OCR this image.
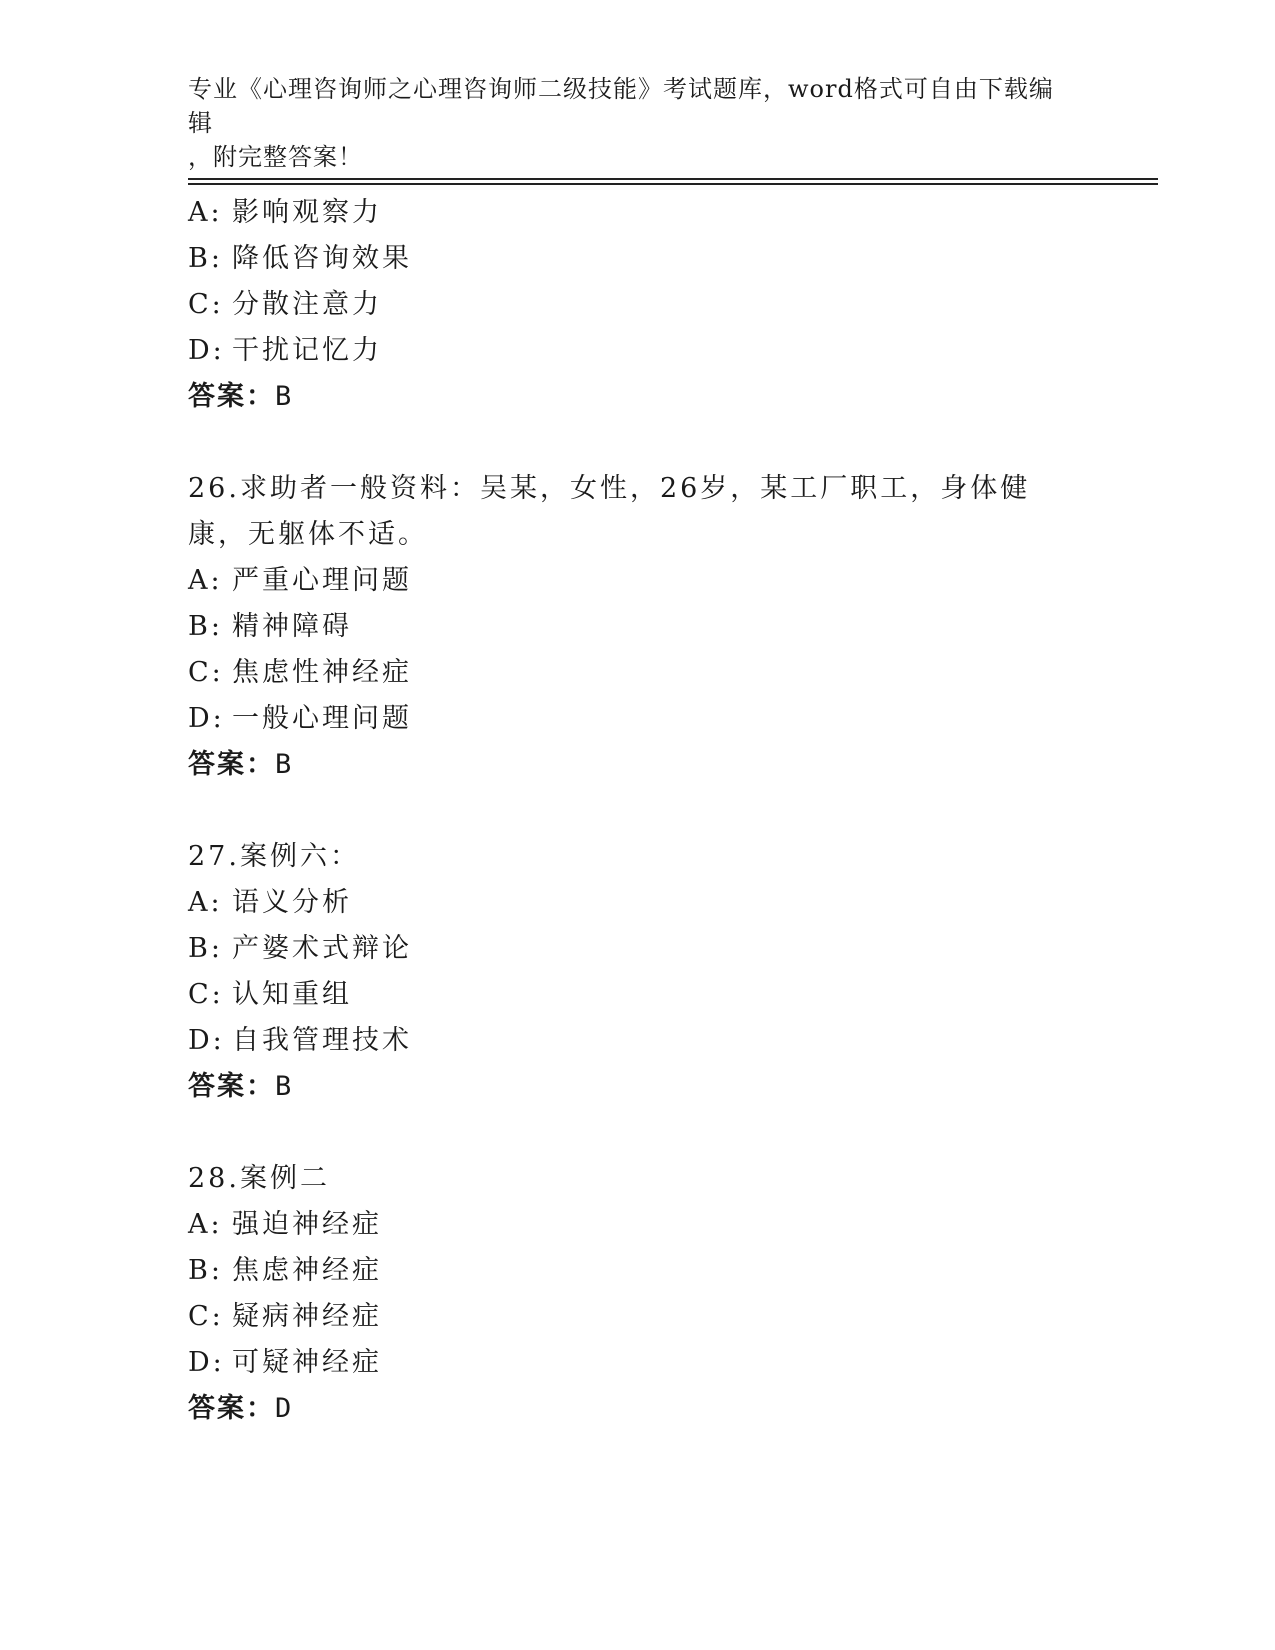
专业《心理咨询师之心理咨询师二级技能》考试题库，word格式可自由下载编辑
，附完整答案！
A: 影响观察力
B: 降低咨询效果
C: 分散注意力
D: 干扰记忆力
答案：B
26.求助者一般资料：吴某，女性，26岁，某工厂职工，身体健康，无躯体不适。
A: 严重心理问题
B: 精神障碍
C: 焦虑性神经症
D: 一般心理问题
答案：B
27.案例六：
A: 语义分析
B: 产婆术式辩论
C: 认知重组
D: 自我管理技术
答案：B
28.案例二
A: 强迫神经症
B: 焦虑神经症
C: 疑病神经症
D: 可疑神经症
答案：D
